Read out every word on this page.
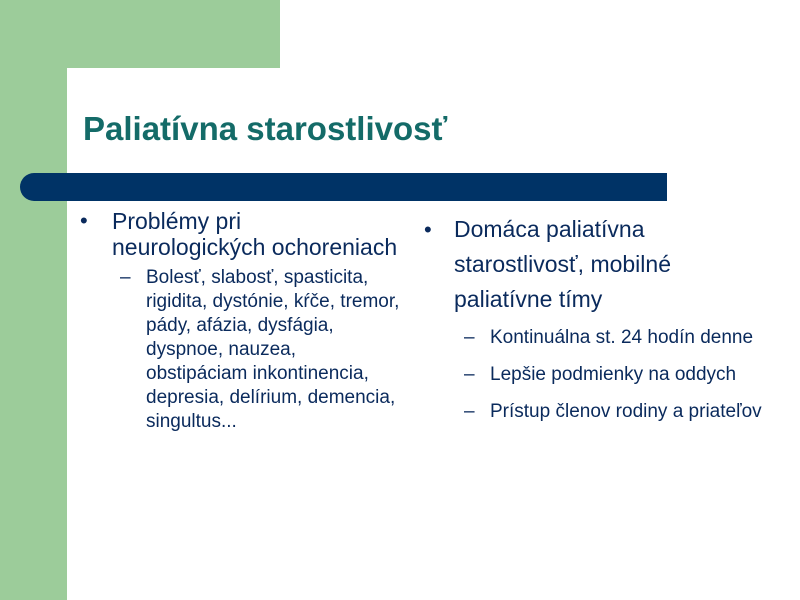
Paliatívna starostlivosť
•	Problémy pri neurologických ochoreniach
– Bolesť, slabosť, spasticita, rigidita, dystónie, kŕče, tremor, pády, afázia, dysfágia, dyspnoe, nauzea, obstipáciam inkontinencia, depresia, delírium, demencia, singultus...
• Domáca paliatívna starostlivosť, mobilné paliatívne tímy
– Kontinuálna st. 24 hodín denne
– Lepšie podmienky na oddych
– Prístup členov rodiny a priateľov
